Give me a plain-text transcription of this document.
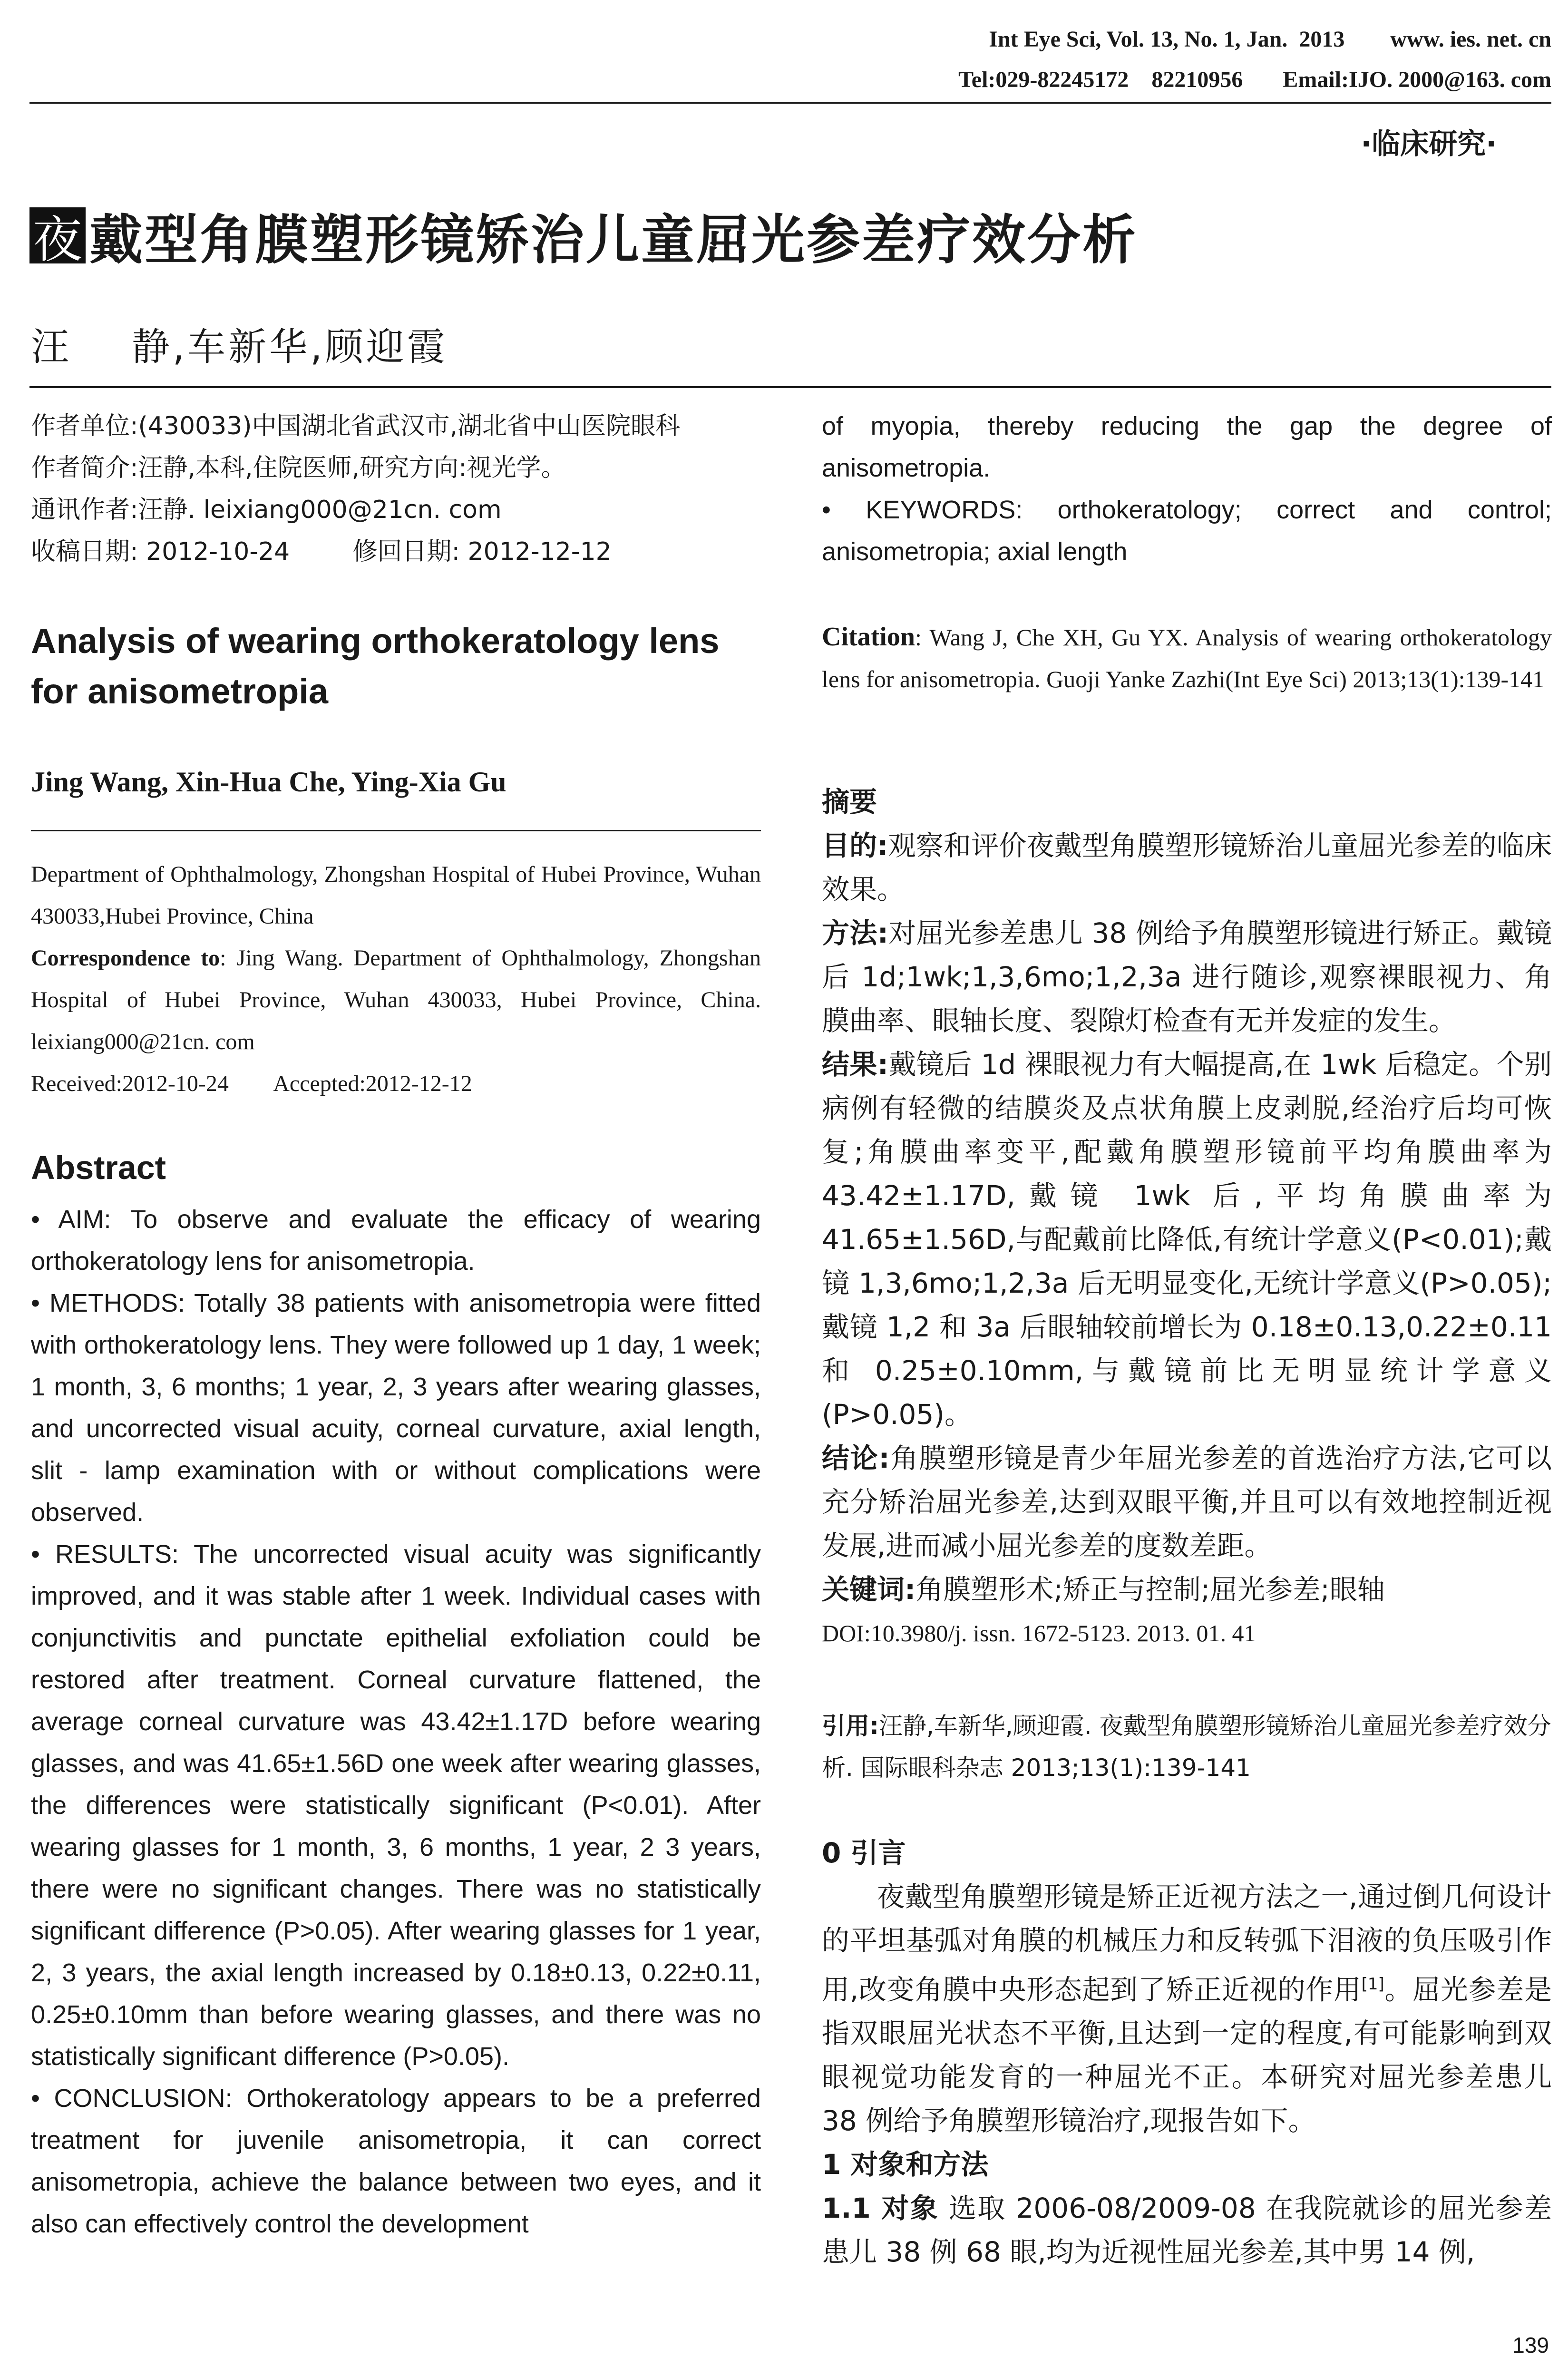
Int Eye Sci, Vol. 13, No. 1, Jan.  2013        www. ies. net. cn
Tel:029-82245172    82210956       Email:IJO. 2000@163. com
·临床研究·
夜 戴型角膜塑形镜矫治儿童屈光参差疗效分析
汪    静,车新华,顾迎霞
作者单位:(430033)中国湖北省武汉市,湖北省中山医院眼科
作者简介:汪静,本科,住院医师,研究方向:视光学。
通讯作者:汪静. leixiang000@21cn. com
收稿日期: 2012-10-24        修回日期: 2012-12-12
Analysis of wearing orthokeratology lens for anisometropia
Jing Wang, Xin-Hua Che, Ying-Xia Gu
Department of Ophthalmology, Zhongshan Hospital of Hubei Province, Wuhan 430033,Hubei Province, China
Correspondence to: Jing Wang. Department of Ophthalmology, Zhongshan Hospital of Hubei Province, Wuhan 430033, Hubei Province, China. leixiang000@21cn. com
Received:2012-10-24        Accepted:2012-12-12
Abstract
• AIM: To observe and evaluate the efficacy of wearing orthokeratology lens for anisometropia.
• METHODS: Totally 38 patients with anisometropia were fitted with orthokeratology lens. They were followed up 1 day, 1 week; 1 month, 3, 6 months; 1 year, 2, 3 years after wearing glasses, and uncorrected visual acuity, corneal curvature, axial length, slit - lamp examination with or without complications were observed.
• RESULTS: The uncorrected visual acuity was significantly improved, and it was stable after 1 week. Individual cases with conjunctivitis and punctate epithelial exfoliation could be restored after treatment. Corneal curvature flattened, the average corneal curvature was 43.42±1.17D before wearing glasses, and was 41.65±1.56D one week after wearing glasses, the differences were statistically significant (P<0.01). After wearing glasses for 1 month, 3, 6 months, 1 year, 2 3 years, there were no significant changes. There was no statistically significant difference (P>0.05). After wearing glasses for 1 year, 2, 3 years, the axial length increased by 0.18±0.13, 0.22±0.11, 0.25±0.10mm than before wearing glasses, and there was no statistically significant difference (P>0.05).
• CONCLUSION: Orthokeratology appears to be a preferred treatment for juvenile anisometropia, it can correct anisometropia, achieve the balance between two eyes, and it also can effectively control the development
of myopia, thereby reducing the gap the degree of anisometropia.
• KEYWORDS: orthokeratology; correct and control; anisometropia; axial length
Citation: Wang J, Che XH, Gu YX. Analysis of wearing orthokeratology lens for anisometropia. Guoji Yanke Zazhi(Int Eye Sci) 2013;13(1):139-141
摘要
目的:观察和评价夜戴型角膜塑形镜矫治儿童屈光参差的临床效果。
方法:对屈光参差患儿 38 例给予角膜塑形镜进行矫正。戴镜后 1d;1wk;1,3,6mo;1,2,3a 进行随诊,观察裸眼视力、角膜曲率、眼轴长度、裂隙灯检查有无并发症的发生。
结果:戴镜后 1d 裸眼视力有大幅提高,在 1wk 后稳定。个别病例有轻微的结膜炎及点状角膜上皮剥脱,经治疗后均可恢复;角膜曲率变平,配戴角膜塑形镜前平均角膜曲率为 43.42±1.17D,戴镜 1wk 后,平均角膜曲率为 41.65±1.56D,与配戴前比降低,有统计学意义(P<0.01);戴镜 1,3,6mo;1,2,3a 后无明显变化,无统计学意义(P>0.05);戴镜 1,2 和 3a 后眼轴较前增长为 0.18±0.13,0.22±0.11 和 0.25±0.10mm,与戴镜前比无明显统计学意义(P>0.05)。
结论:角膜塑形镜是青少年屈光参差的首选治疗方法,它可以充分矫治屈光参差,达到双眼平衡,并且可以有效地控制近视发展,进而减小屈光参差的度数差距。
关键词:角膜塑形术;矫正与控制;屈光参差;眼轴
DOI:10.3980/j. issn. 1672-5123. 2013. 01. 41
引用:汪静,车新华,顾迎霞. 夜戴型角膜塑形镜矫治儿童屈光参差疗效分析. 国际眼科杂志 2013;13(1):139-141
0 引言
夜戴型角膜塑形镜是矫正近视方法之一,通过倒几何设计的平坦基弧对角膜的机械压力和反转弧下泪液的负压吸引作用,改变角膜中央形态起到了矫正近视的作用[1]。屈光参差是指双眼屈光状态不平衡,且达到一定的程度,有可能影响到双眼视觉功能发育的一种屈光不正。本研究对屈光参差患儿 38 例给予角膜塑形镜治疗,现报告如下。
1 对象和方法
1.1 对象 选取 2006-08/2009-08 在我院就诊的屈光参差患儿 38 例 68 眼,均为近视性屈光参差,其中男 14 例,
139
